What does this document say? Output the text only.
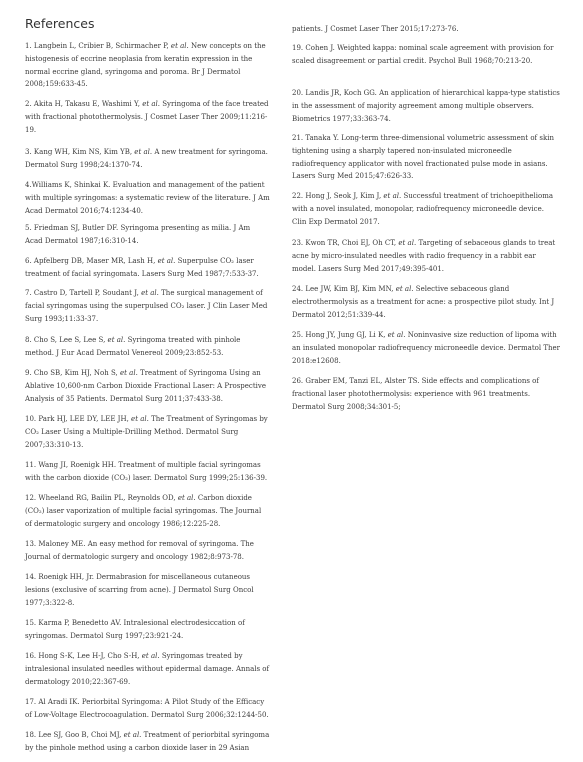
References

1. Langbein L, Cribier B, Schirmacher P, et al. New concepts on the histogenesis of eccrine neoplasia from keratin expression in the normal eccrine gland, syringoma and poroma. Br J Dermatol 2008;159:633-45.

2. Akita H, Takasu E, Washimi Y, et al. Syringoma of the face treated with fractional photothermolysis. J Cosmet Laser Ther 2009;11:216-19.

3. Kang WH, Kim NS, Kim YB, et al. A new treatment for syringoma. Dermatol Surg 1998;24:1370-74.

4.Williams K, Shinkai K. Evaluation and management of the patient with multiple syringomas: a systematic review of the literature. J Am Acad Dermatol 2016;74:1234-40.

5. Friedman SJ, Butler DF. Syringoma presenting as milia. J Am Acad Dermatol 1987;16:310-14.

6. Apfelberg DB, Maser MR, Lash H, et al. Superpulse CO₂ laser treatment of facial syringomata. Lasers Surg Med 1987;7:533-37.

7. Castro D, Tartell P, Soudant J, et al. The surgical management of facial syringomas using the superpulsed CO₂ laser. J Clin Laser Med Surg 1993;11:33-37.

8. Cho S, Lee S, Lee S, et al. Syringoma treated with pinhole method. J Eur Acad Dermatol Venereol 2009;23:852-53.

9. Cho SB, Kim HJ, Noh S, et al. Treatment of Syringoma Using an Ablative 10,600-nm Carbon Dioxide Fractional Laser: A Prospective Analysis of 35 Patients. Dermatol Surg 2011;37:433-38.

10. Park HJ, LEE DY, LEE JH, et al. The Treatment of Syringomas by CO₂ Laser Using a Multiple-Drilling Method. Dermatol Surg 2007;33:310-13.

11. Wang JI, Roenigk HH. Treatment of multiple facial syringomas with the carbon dioxide (CO₂) laser. Dermatol Surg 1999;25:136-39.

12. Wheeland RG, Bailin PL, Reynolds OD, et al. Carbon dioxide (CO₂) laser vaporization of multiple facial syringomas. The Journal of dermatologic surgery and oncology 1986;12:225-28.

13. Maloney ME. An easy method for removal of syringoma. The Journal of dermatologic surgery and oncology 1982;8:973-78.

14. Roenigk HH, Jr. Dermabrasion for miscellaneous cutaneous lesions (exclusive of scarring from acne). J Dermatol Surg Oncol 1977;3:322-8.

15. Karma P, Benedetto AV. Intralesional electrodesiccation of syringomas. Dermatol Surg 1997;23:921-24.

16. Hong S-K, Lee H-J, Cho S-H, et al. Syringomas treated by intralesional insulated needles without epidermal damage. Annals of dermatology 2010;22:367-69.

17. Al Aradi IK. Periorbital Syringoma: A Pilot Study of the Efficacy of Low-Voltage Electrocoagulation. Dermatol Surg 2006;32:1244-50.

18. Lee SJ, Goo B, Choi MJ, et al. Treatment of periorbital syringoma by the pinhole method using a carbon dioxide laser in 29 Asian

patients. J Cosmet Laser Ther 2015;17:273-76.

19. Cohen J. Weighted kappa: nominal scale agreement with provision for scaled disagreement or partial credit. Psychol Bull 1968;70:213-20.

20. Landis JR, Koch GG. An application of hierarchical kappa-type statistics in the assessment of majority agreement among multiple observers. Biometrics 1977;33:363-74.

21. Tanaka Y. Long-term three-dimensional volumetric assessment of skin tightening using a sharply tapered non-insulated microneedle radiofrequency applicator with novel fractionated pulse mode in asians. Lasers Surg Med 2015;47:626-33.

22. Hong J, Seok J, Kim J, et al. Successful treatment of trichoepithelioma with a novel insulated, monopolar, radiofrequency microneedle device. Clin Exp Dermatol 2017.

23. Kwon TR, Choi EJ, Oh CT, et al. Targeting of sebaceous glands to treat acne by micro-insulated needles with radio frequency in a rabbit ear model. Lasers Surg Med 2017;49:395-401.

24. Lee JW, Kim BJ, Kim MN, et al. Selective sebaceous gland electrothermolysis as a treatment for acne: a prospective pilot study. Int J Dermatol 2012;51:339-44.

25. Hong JY, Jung GJ, Li K, et al. Noninvasive size reduction of lipoma with an insulated monopolar radiofrequency microneedle device. Dermatol Ther 2018:e12608.

26. Graber EM, Tanzi EL, Alster TS. Side effects and complications of fractional laser photothermolysis: experience with 961 treatments. Dermatol Surg 2008;34:301-5;
